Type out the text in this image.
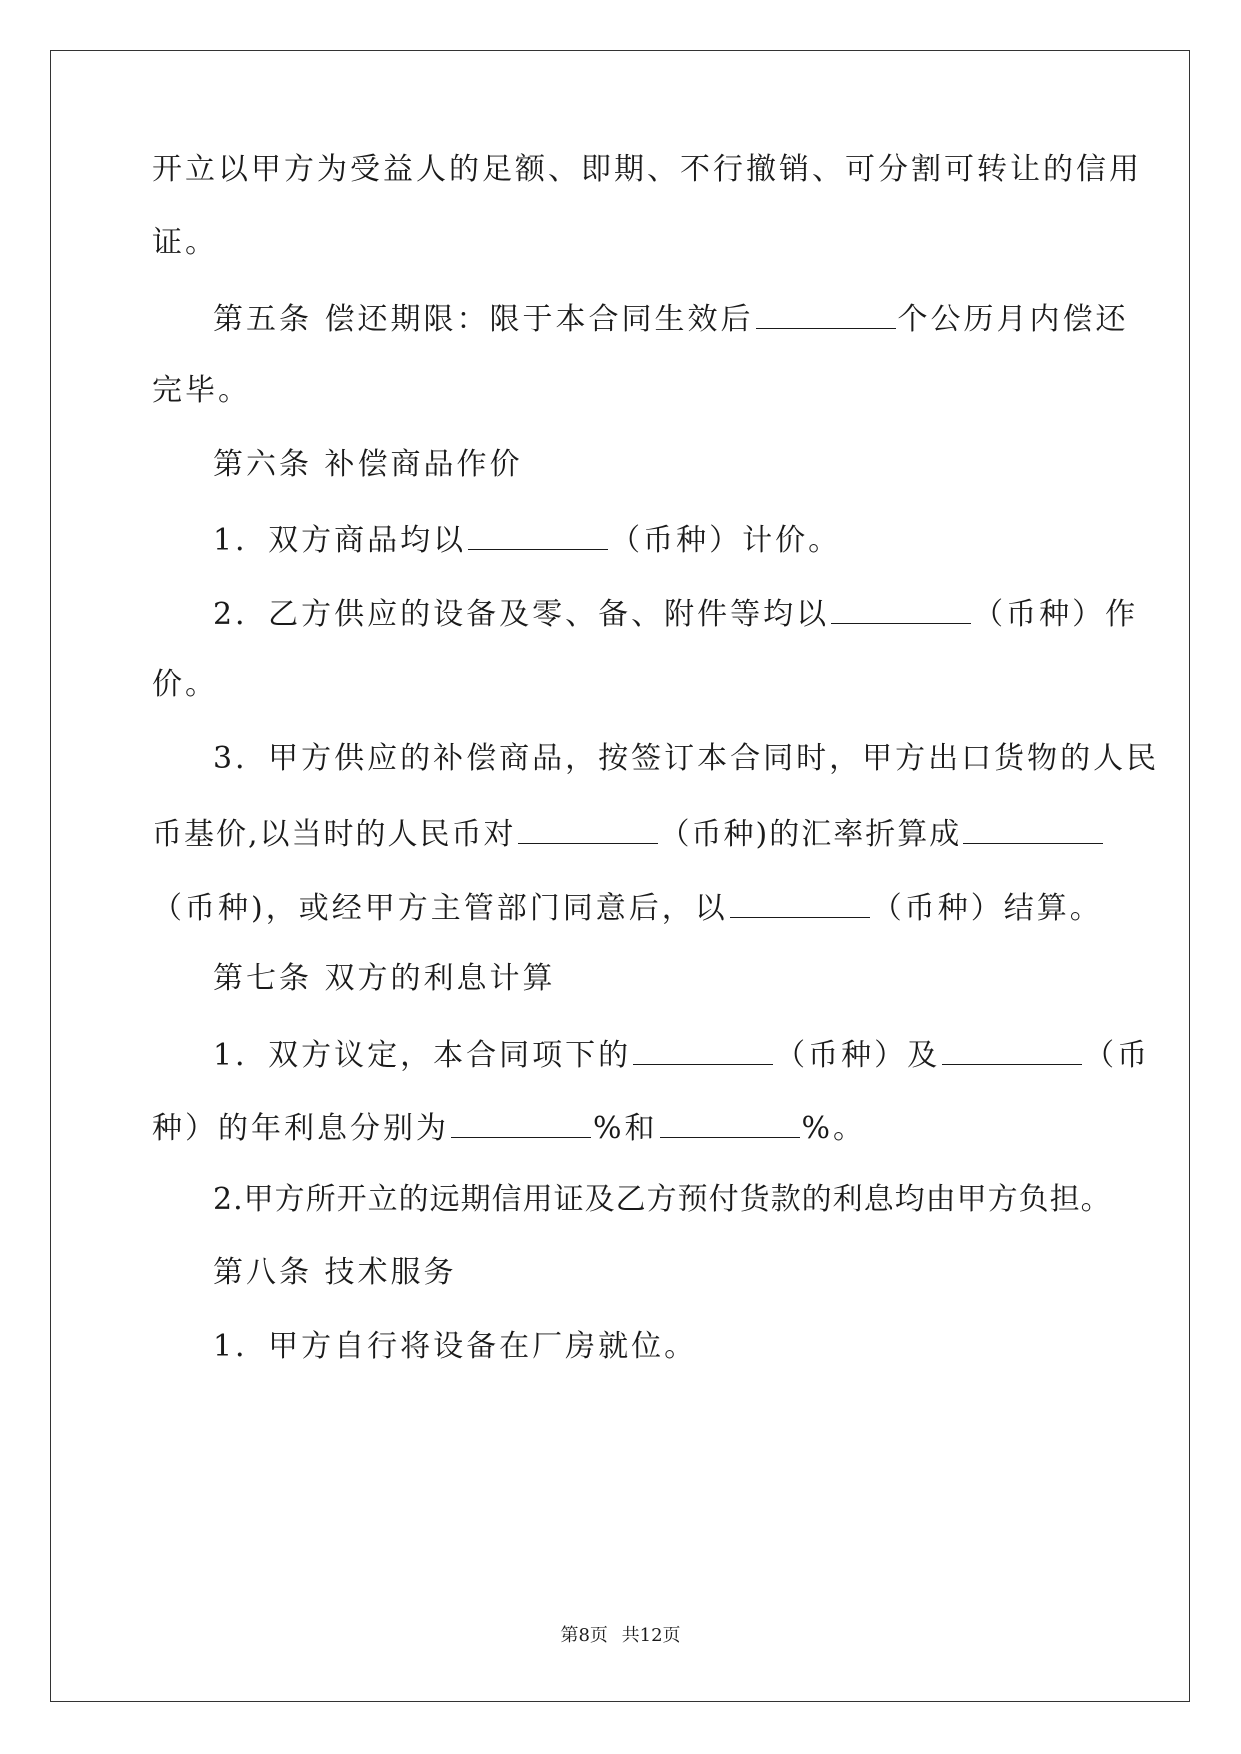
开立以甲方为受益人的足额、即期、不行撤销、可分割可转让的信用
证。
第五条 偿还期限：限于本合同生效后	个公历月内偿还
完毕。
第六条 补偿商品作价
1．双方商品均以	（币种）计价。
2．乙方供应的设备及零、备、附件等均以	（币种）作
价。
3．甲方供应的补偿商品，按签订本合同时，甲方出口货物的人民
币基价,以当时的人民币对	（币种)的汇率折算成
（币种)，或经甲方主管部门同意后，以	（币种）结算。
第七条 双方的利息计算
1．双方议定，本合同项下的	（币种）及	（币
种）的年利息分别为	%和	%。
2.甲方所开立的远期信用证及乙方预付货款的利息均由甲方负担。
第八条 技术服务
1．甲方自行将设备在厂房就位。
第8页 共12页
